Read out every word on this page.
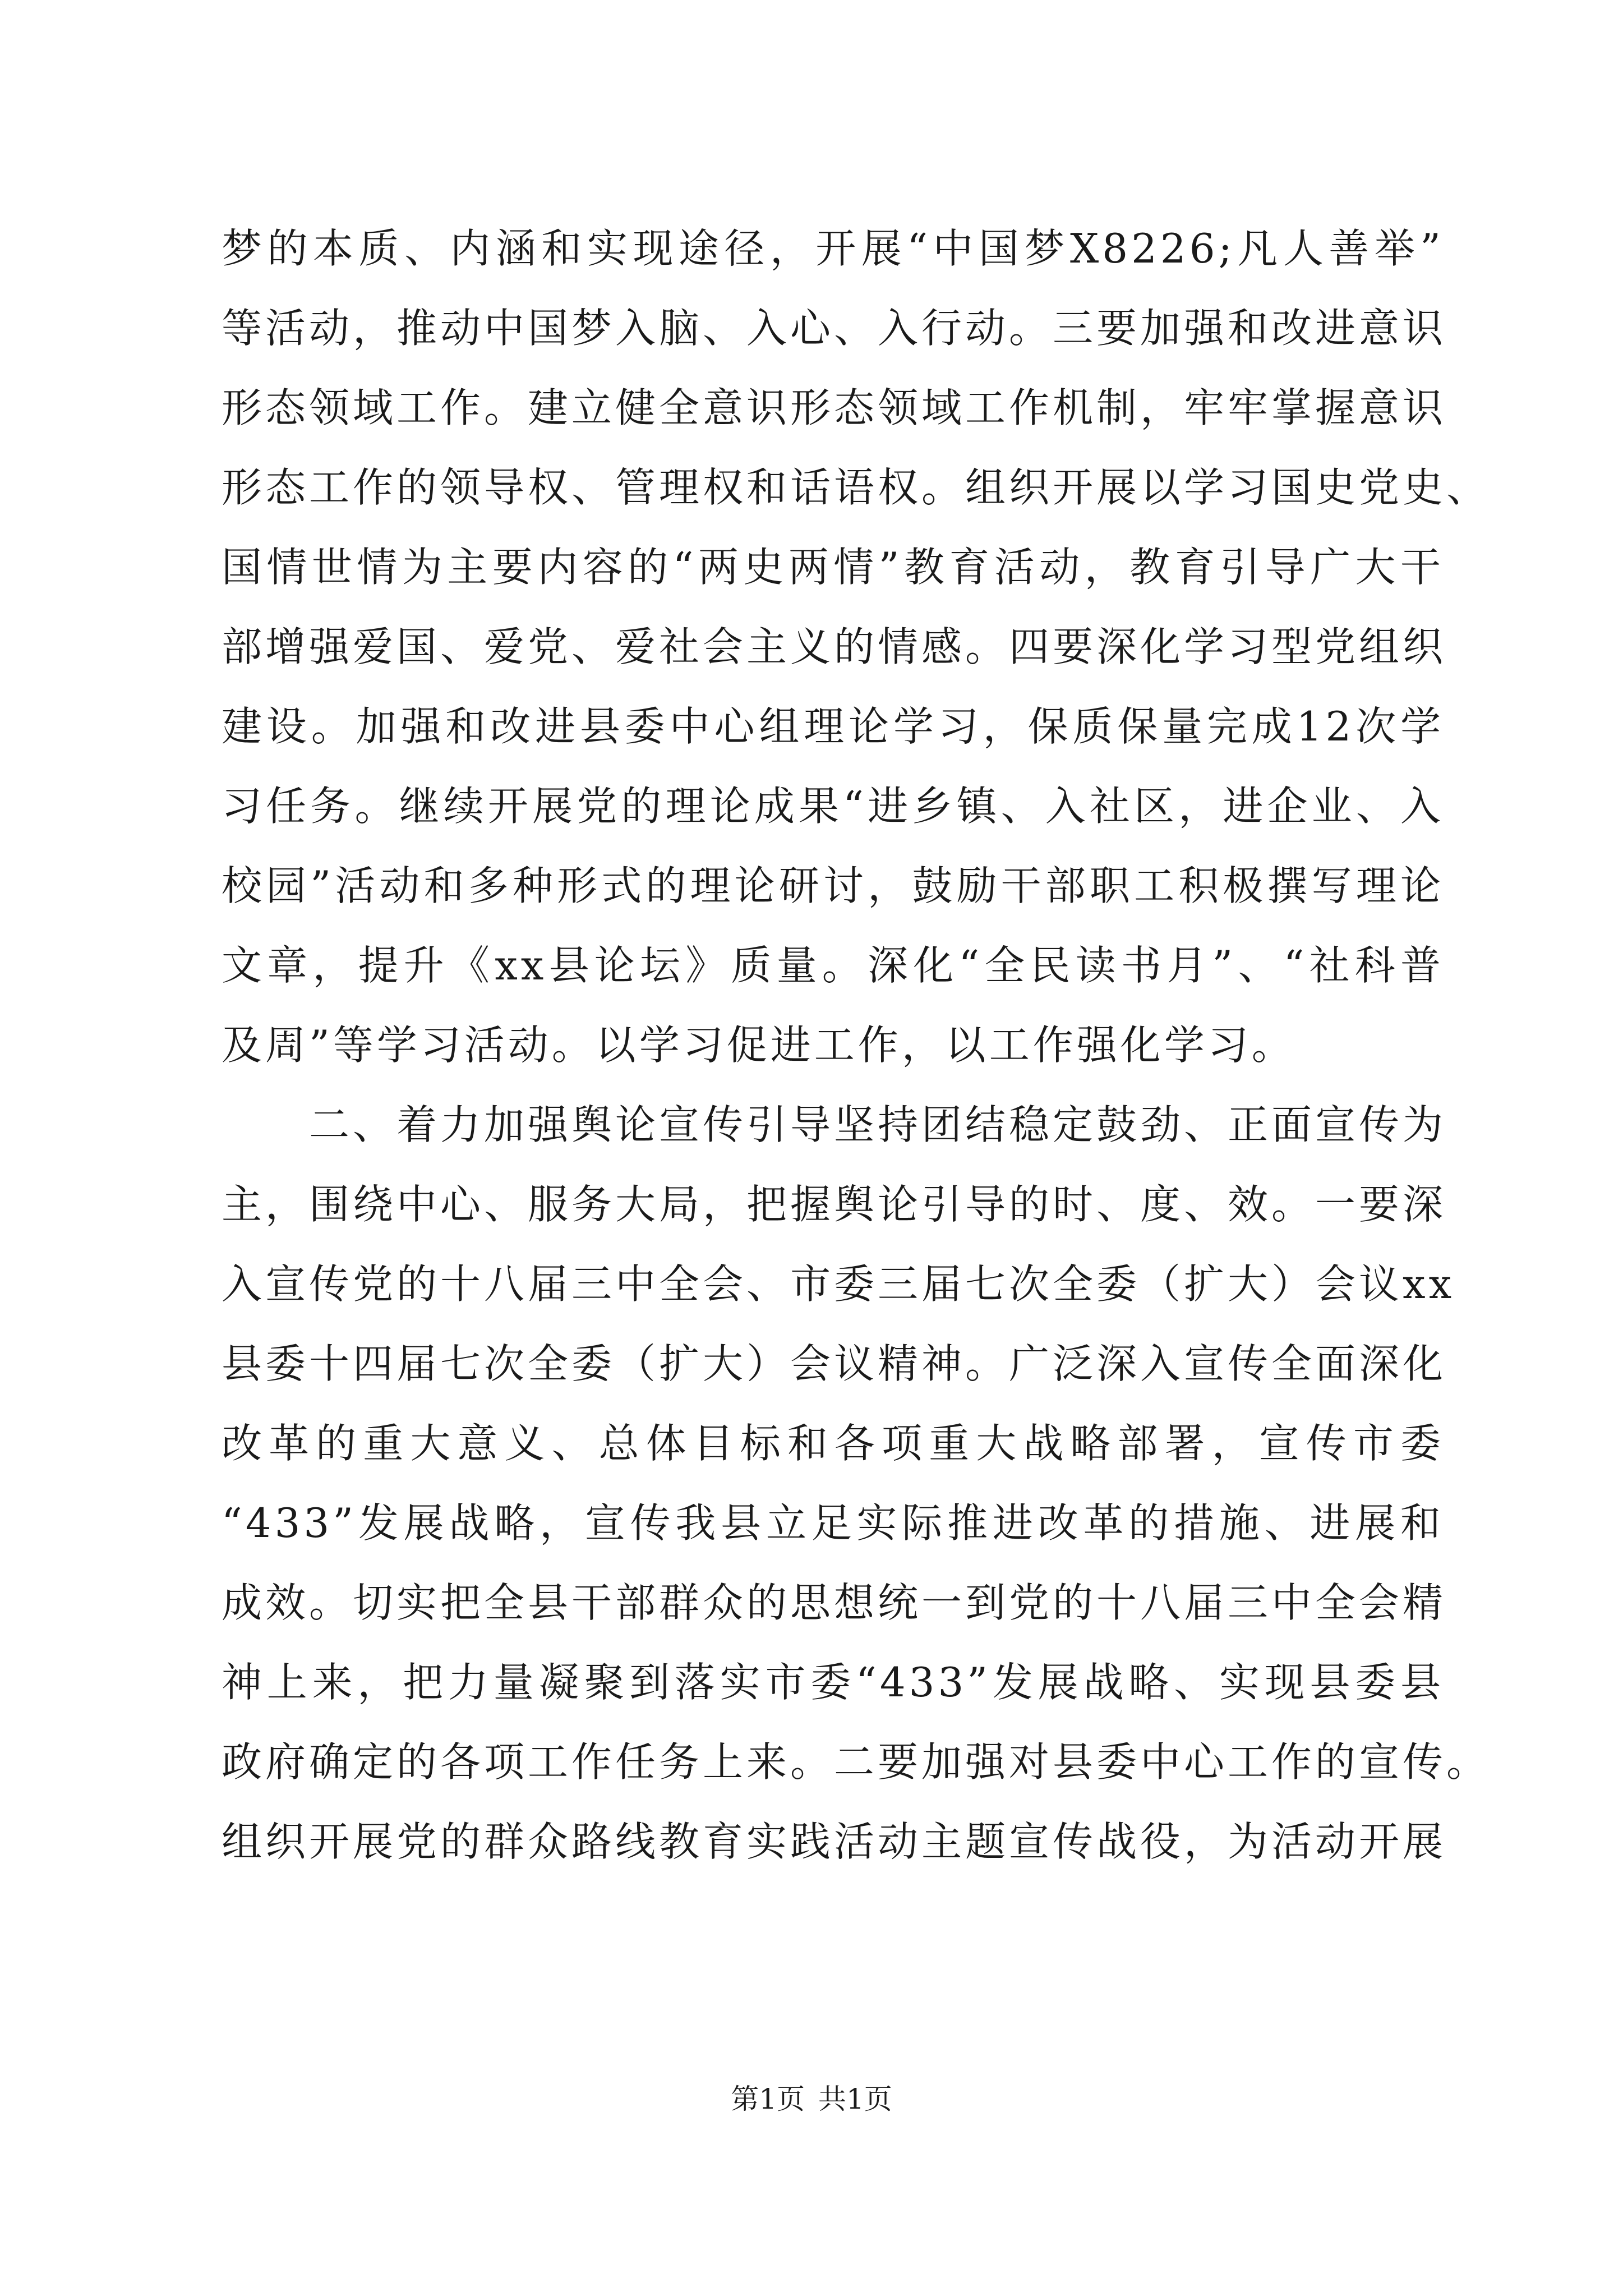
梦的本质、内涵和实现途径，开展“中国梦X8226;凡人善举”
等活动，推动中国梦入脑、入心、入行动。三要加强和改进意识
形态领域工作。建立健全意识形态领域工作机制，牢牢掌握意识
形态工作的领导权、管理权和话语权。组织开展以学习国史党史、
国情世情为主要内容的“两史两情”教育活动，教育引导广大干
部增强爱国、爱党、爱社会主义的情感。四要深化学习型党组织
建设。加强和改进县委中心组理论学习，保质保量完成12次学
习任务。继续开展党的理论成果“进乡镇、入社区，进企业、入
校园”活动和多种形式的理论研讨，鼓励干部职工积极撰写理论
文章，提升《xx县论坛》质量。深化“全民读书月”、“社科普
及周”等学习活动。以学习促进工作，以工作强化学习。
二、着力加强舆论宣传引导坚持团结稳定鼓劲、正面宣传为
主，围绕中心、服务大局，把握舆论引导的时、度、效。一要深
入宣传党的十八届三中全会、市委三届七次全委（扩大）会议xx
县委十四届七次全委（扩大）会议精神。广泛深入宣传全面深化
改革的重大意义、总体目标和各项重大战略部署，宣传市委
“433”发展战略，宣传我县立足实际推进改革的措施、进展和
成效。切实把全县干部群众的思想统一到党的十八届三中全会精
神上来，把力量凝聚到落实市委“433”发展战略、实现县委县
政府确定的各项工作任务上来。二要加强对县委中心工作的宣传。
组织开展党的群众路线教育实践活动主题宣传战役，为活动开展
第1页 共1页
